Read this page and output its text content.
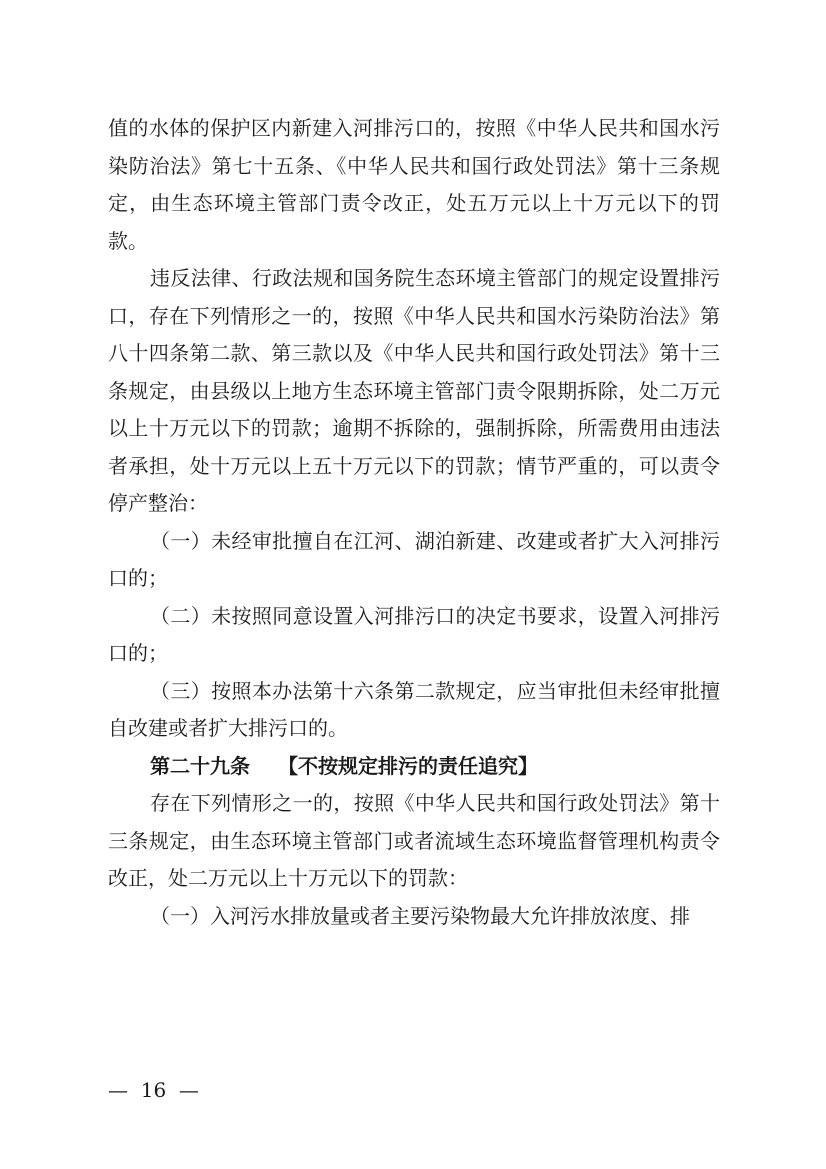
值的水体的保护区内新建入河排污口的，按照《中华人民共和国水污染防治法》第七十五条、《中华人民共和国行政处罚法》第十三条规定，由生态环境主管部门责令改正，处五万元以上十万元以下的罚款。

违反法律、行政法规和国务院生态环境主管部门的规定设置排污口，存在下列情形之一的，按照《中华人民共和国水污染防治法》第八十四条第二款、第三款以及《中华人民共和国行政处罚法》第十三条规定，由县级以上地方生态环境主管部门责令限期拆除，处二万元以上十万元以下的罚款；逾期不拆除的，强制拆除，所需费用由违法者承担，处十万元以上五十万元以下的罚款；情节严重的，可以责令停产整治：

（一）未经审批擅自在江河、湖泊新建、改建或者扩大入河排污口的；

（二）未按照同意设置入河排污口的决定书要求，设置入河排污口的；

（三）按照本办法第十六条第二款规定，应当审批但未经审批擅自改建或者扩大排污口的。

第二十九条 【不按规定排污的责任追究】

存在下列情形之一的，按照《中华人民共和国行政处罚法》第十三条规定，由生态环境主管部门或者流域生态环境监督管理机构责令改正，处二万元以上十万元以下的罚款：

（一）入河污水排放量或者主要污染物最大允许排放浓度、排

—  16  —
